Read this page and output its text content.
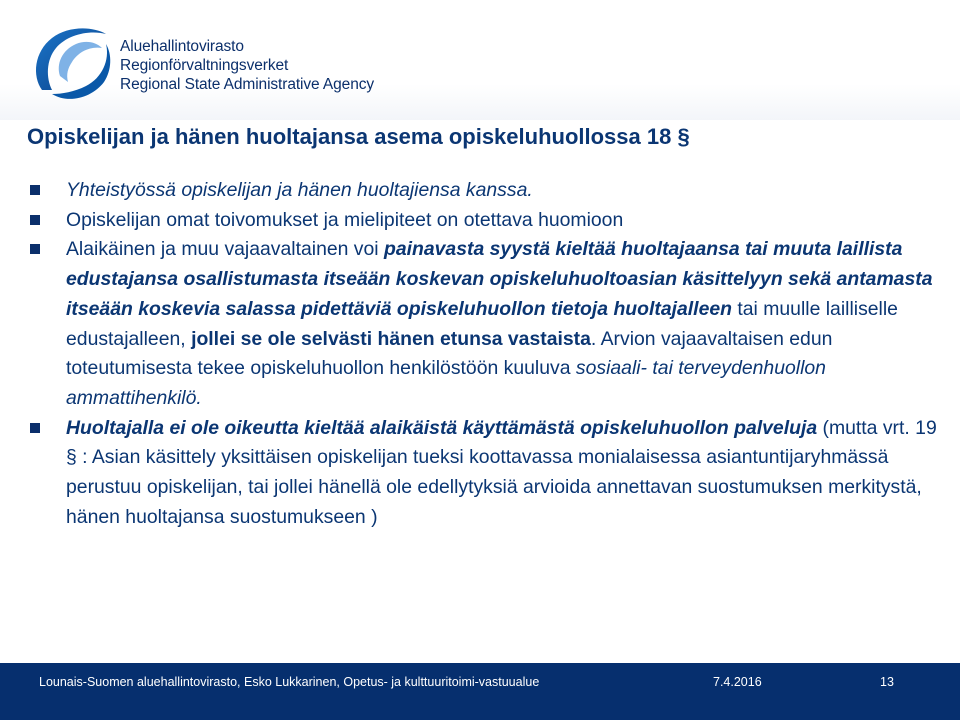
Aluehallintovirasto
Regionförvaltningsverket
Regional State Administrative Agency
Opiskelijan ja hänen huoltajansa asema opiskeluhuollossa 18 §
Yhteistyössä opiskelijan ja hänen huoltajiensa kanssa.
Opiskelijan omat toivomukset ja mielipiteet on otettava huomioon
Alaikäinen ja muu vajaavaltainen voi painavasta syystä kieltää huoltajaansa tai muuta laillista edustajansa osallistumasta itseään koskevan opiskeluhuoltoasian käsittelyyn sekä antamasta itseään koskevia salassa pidettäviä opiskeluhuollon tietoja huoltajalleen tai muulle lailliselle edustajalleen, jollei se ole selvästi hänen etunsa vastaista. Arvion vajaavaltaisen edun toteutumisesta tekee opiskeluhuollon henkilöstöön kuuluva sosiaali- tai terveydenhuollon ammattihenkilö.
Huoltajalla ei ole oikeutta kieltää alaikäistä käyttämästä opiskeluhuollon palveluja (mutta vrt. 19 § : Asian käsittely yksittäisen opiskelijan tueksi koottavassa monialaisessa asiantuntijaryhmässä perustuu opiskelijan, tai jollei hänellä ole edellytyksiä arvioida annettavan suostumuksen merkitystä, hänen huoltajansa suostumukseen )
Lounais-Suomen aluehallintovirasto, Esko Lukkarinen, Opetus- ja kulttuuritoimi-vastuualue	7.4.2016	13
